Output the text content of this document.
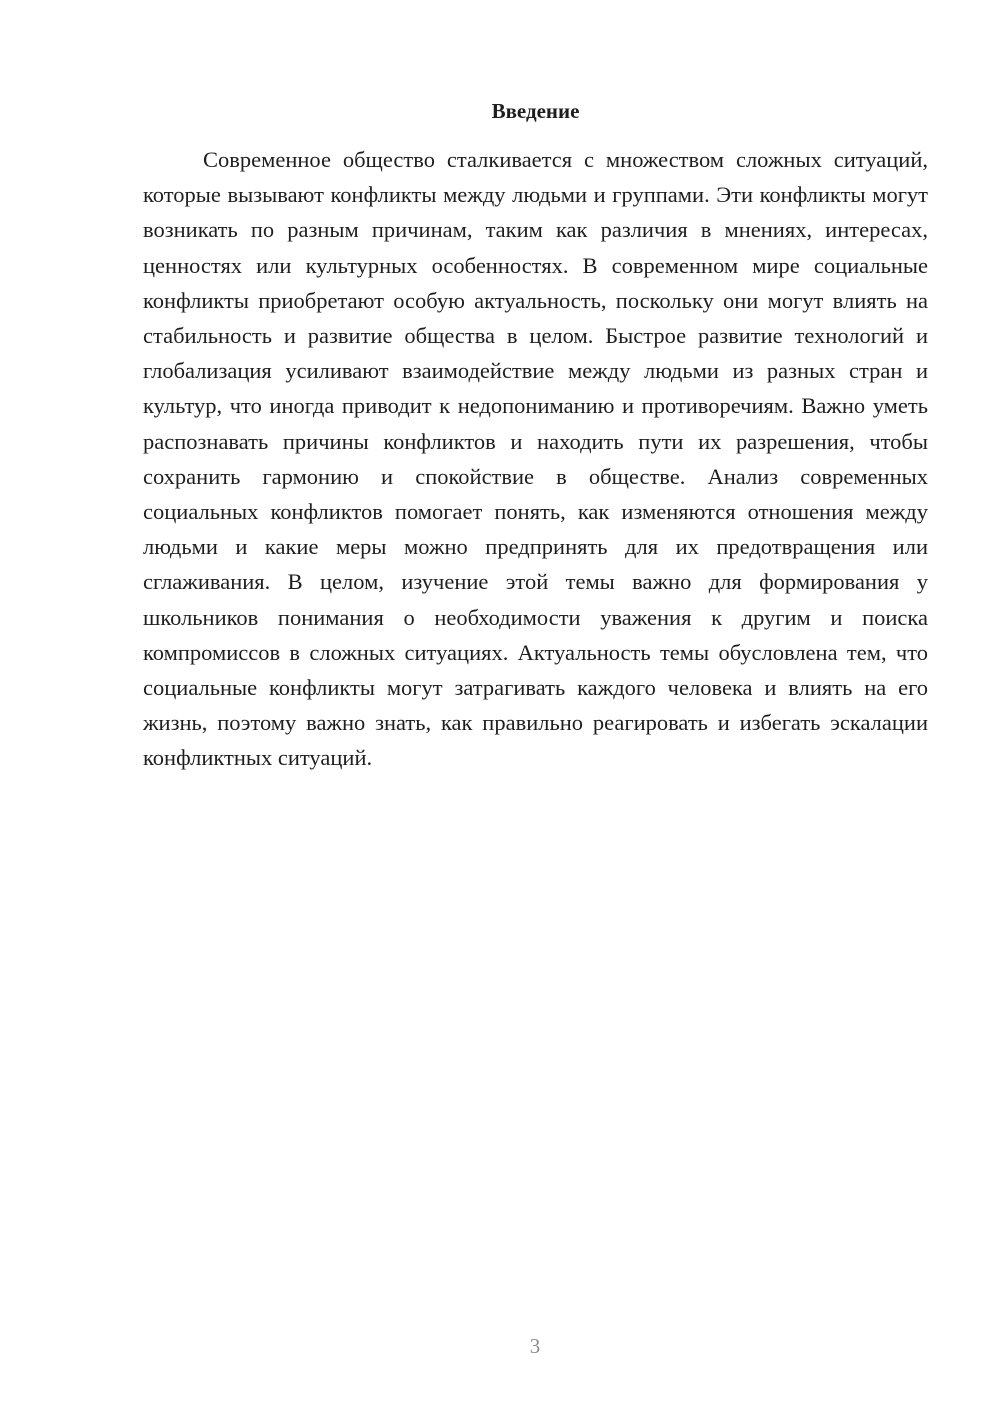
Введение

Современное общество сталкивается с множеством сложных ситуаций, которые вызывают конфликты между людьми и группами. Эти конфликты могут возникать по разным причинам, таким как различия в мнениях, интересах, ценностях или культурных особенностях. В современном мире социальные конфликты приобретают особую актуальность, поскольку они могут влиять на стабильность и развитие общества в целом. Быстрое развитие технологий и глобализация усиливают взаимодействие между людьми из разных стран и культур, что иногда приводит к недопониманию и противоречиям. Важно уметь распознавать причины конфликтов и находить пути их разрешения, чтобы сохранить гармонию и спокойствие в обществе. Анализ современных социальных конфликтов помогает понять, как изменяются отношения между людьми и какие меры можно предпринять для их предотвращения или сглаживания. В целом, изучение этой темы важно для формирования у школьников понимания о необходимости уважения к другим и поиска компромиссов в сложных ситуациях. Актуальность темы обусловлена тем, что социальные конфликты могут затрагивать каждого человека и влиять на его жизнь, поэтому важно знать, как правильно реагировать и избегать эскалации конфликтных ситуаций.

3
